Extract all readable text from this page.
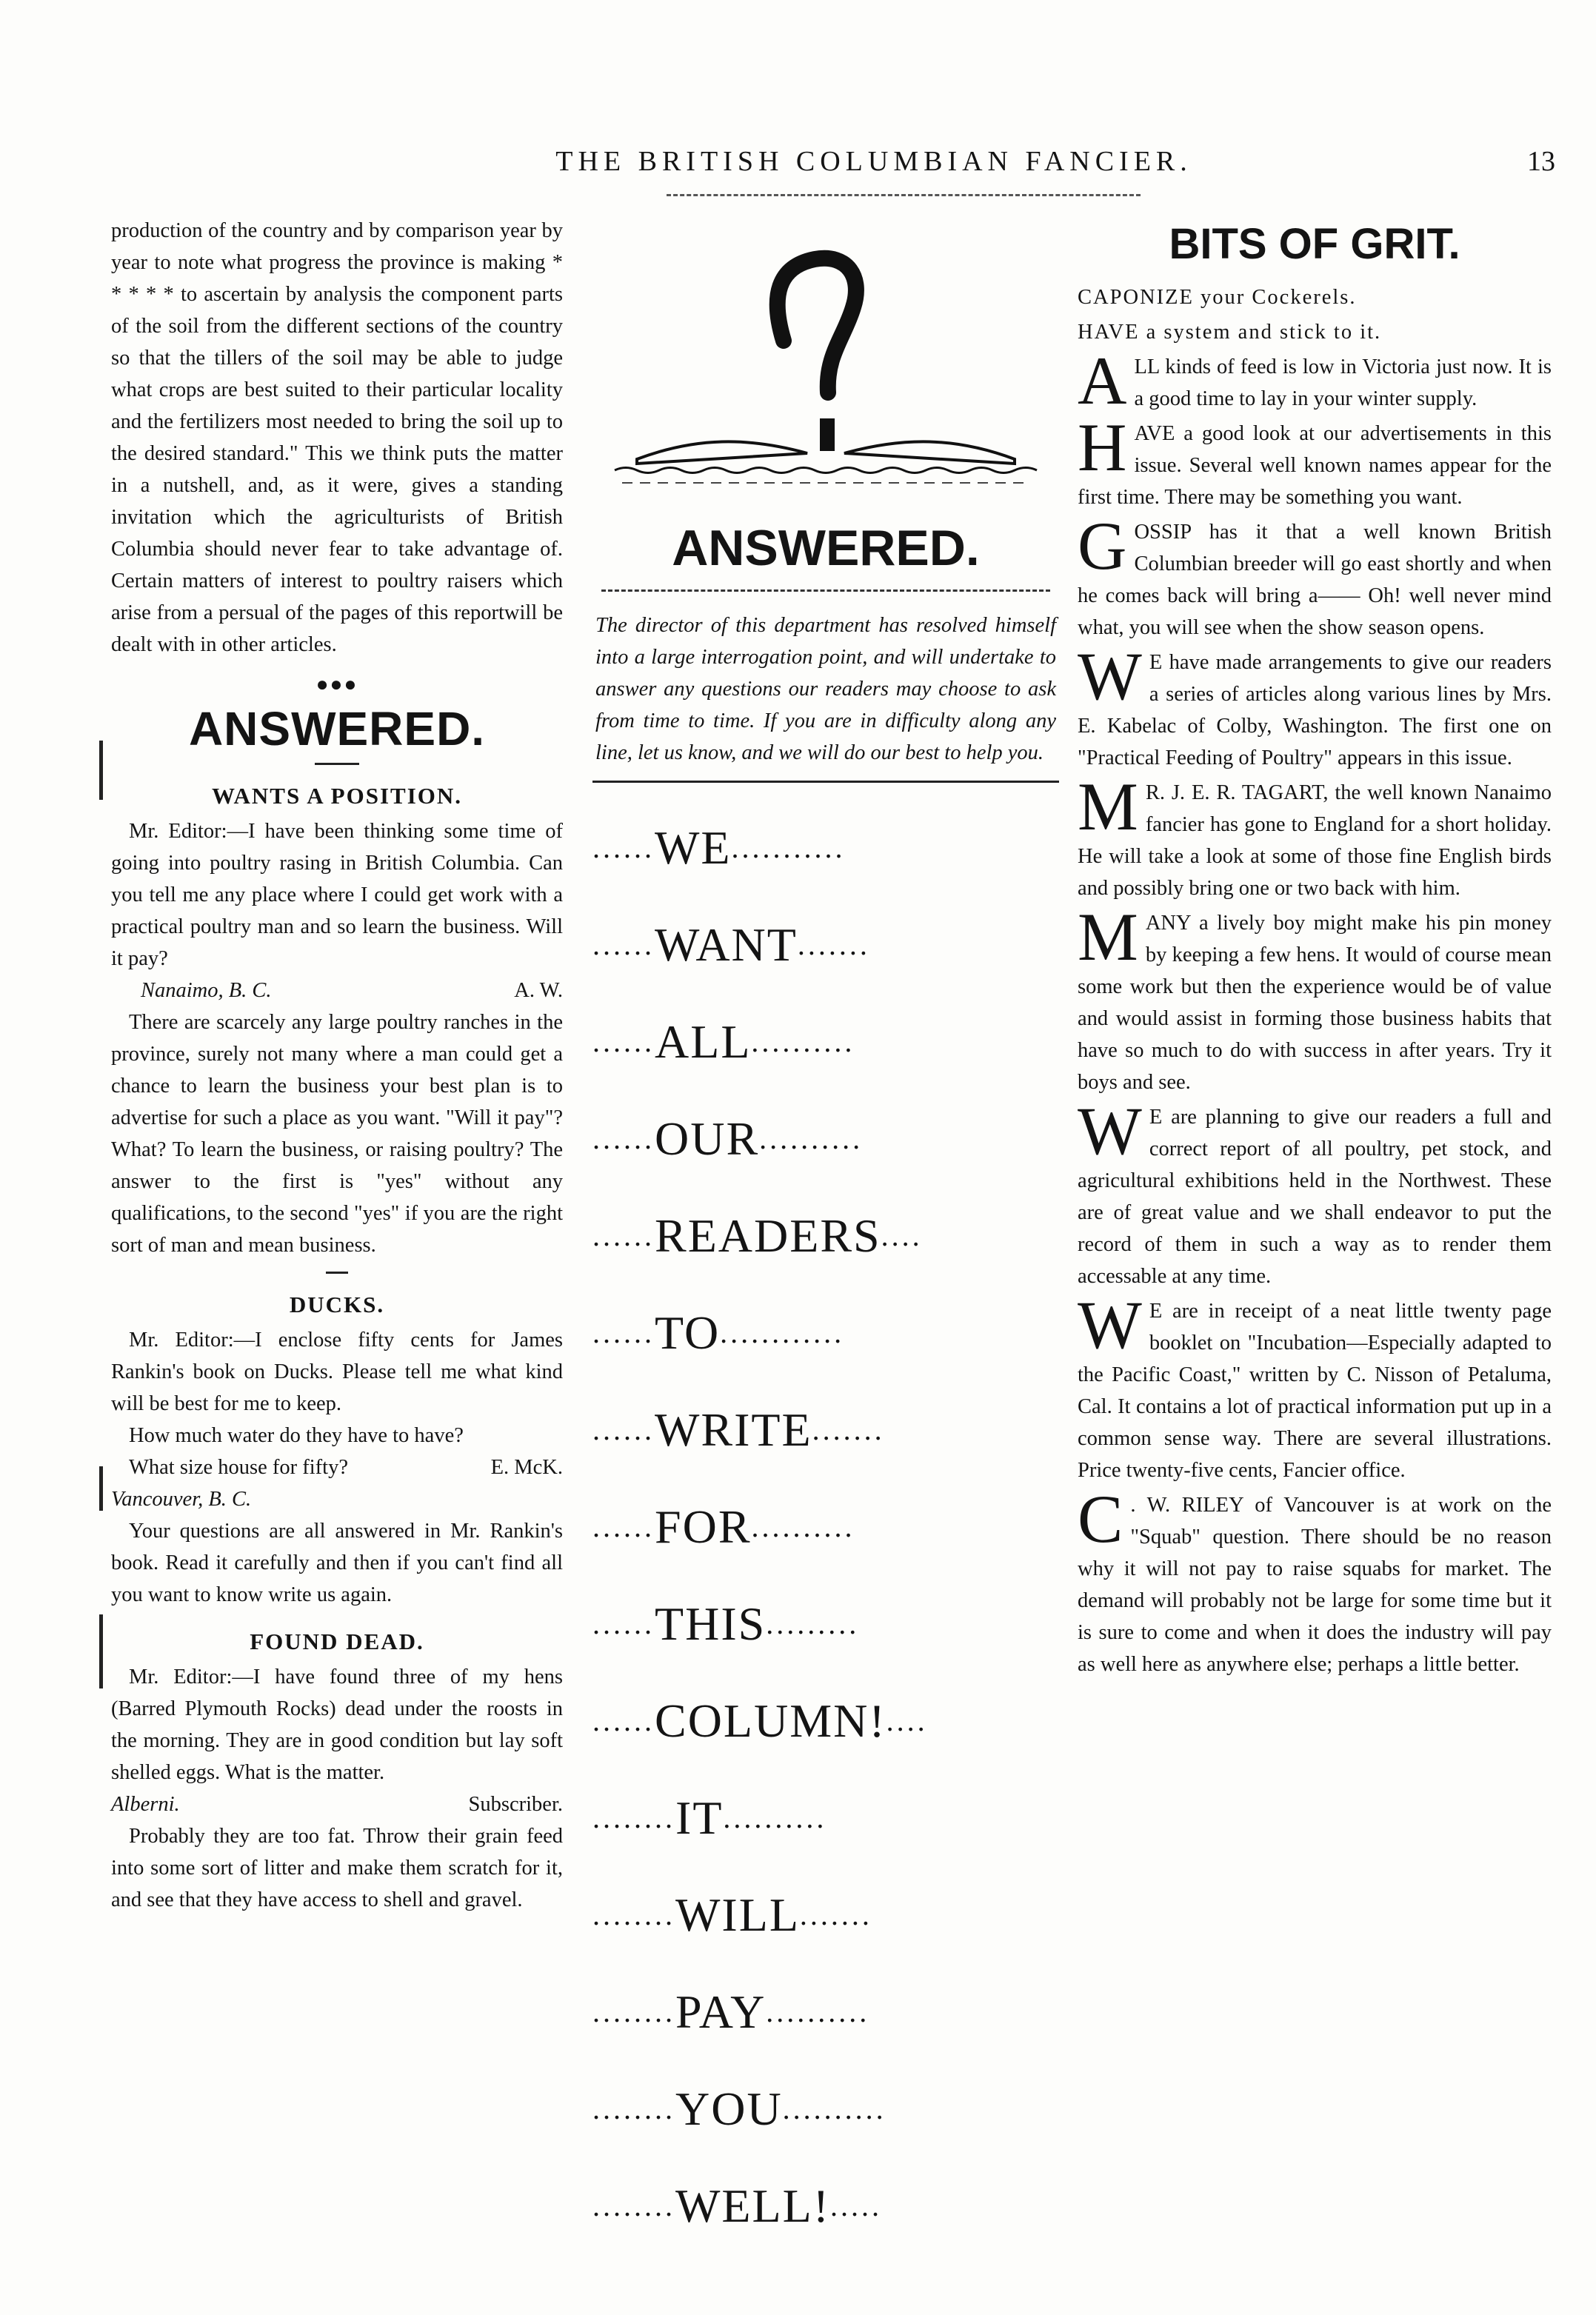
THE BRITISH COLUMBIAN FANCIER.	13

production of the country and by comparison year by year to note what progress the province is making * * * * * to ascertain by analysis the component parts of the soil from the different sections of the country so that the tillers of the soil may be able to judge what crops are best suited to their particular locality and the fertilizers most needed to bring the soil up to the desired standard." This we think puts the matter in a nutshell, and, as it were, gives a standing invitation which the agriculturists of British Columbia should never fear to take advantage of. Certain matters of interest to poultry raisers which arise from a persual of the pages of this reportwill be dealt with in other articles.

●●●
ANSWERED.
WANTS A POSITION.

Mr. Editor:—I have been thinking some time of going into poultry rasing in British Columbia. Can you tell me any place where I could get work with a practical poultry man and so learn the business. Will it pay?

Nanaimo, B. C.	A. W.

There are scarcely any large poultry ranches in the province, surely not many where a man could get a chance to learn the business your best plan is to advertise for such a place as you want. "Will it pay"? What? To learn the business, or raising poultry? The answer to the first is "yes" without any qualifications, to the second "yes" if you are the right sort of man and mean business.

DUCKS.

Mr. Editor:—I enclose fifty cents for James Rankin's book on Ducks. Please tell me what kind will be best for me to keep.

How much water do they have to have?

What size house for fifty?	E. McK.
Vancouver, B. C.

Your questions are all answered in Mr. Rankin's book. Read it carefully and then if you can't find all you want to know write us again.

FOUND DEAD.

Mr. Editor:—I have found three of my hens (Barred Plymouth Rocks) dead under the roosts in the morning. They are in good condition but lay soft shelled eggs. What is the matter.

Alberni.	Subscriber.

Probably they are too fat. Throw their grain feed into some sort of litter and make them scratch for it, and see that they have access to shell and gravel.

ANSWERED.
The director of this department has resolved himself into a large interrogation point, and will undertake to answer any questions our readers may choose to ask from time to time. If you are in difficulty along any line, let us know, and we will do our best to help you.
......WE...........
......WANT.......
......ALL..........
......OUR..........
......READERS....
......TO............
......WRITE.......
......FOR..........
......THIS.........
......COLUMN!....
........IT..........
........WILL.......
........PAY..........
........YOU..........
........WELL!.....
BITS OF GRIT.

CAPONIZE your Cockerels.

HAVE a system and stick to it.

ALL kinds of feed is low in Victoria just now. It is a good time to lay in your winter supply.

HAVE a good look at our advertisements in this issue. Several well known names appear for the first time. There may be something you want.

GOSSIP has it that a well known British Columbian breeder will go east shortly and when he comes back will bring a—— Oh! well never mind what, you will see when the show season opens.

W E have made arrangements to give our readers a series of articles along various lines by Mrs. E. Kabelac of Colby, Washington. The first one on "Practical Feeding of Poultry" appears in this issue.

M R. J. E. R. TAGART, the well known Nanaimo fancier has gone to England for a short holiday. He will take a look at some of those fine English birds and possibly bring one or two back with him.

MANY a lively boy might make his pin money by keeping a few hens. It would of course mean some work but then the experience would be of value and would assist in forming those business habits that have so much to do with success in after years. Try it boys and see.

W E are planning to give our readers a full and correct report of all poultry, pet stock, and agricultural exhibitions held in the Northwest. These are of great value and we shall endeavor to put the record of them in such a way as to render them accessable at any time.

W E are in receipt of a neat little twenty page booklet on "Incubation—Especially adapted to the Pacific Coast," written by C. Nisson of Petaluma, Cal. It contains a lot of practical information put up in a common sense way. There are several illustrations. Price twenty-five cents, Fancier office.

C . W. RILEY of Vancouver is at work on the "Squab" question. There should be no reason why it will not pay to raise squabs for market. The demand will probably not be large for some time but it is sure to come and when it does the industry will pay as well here as anywhere else; perhaps a little better.
